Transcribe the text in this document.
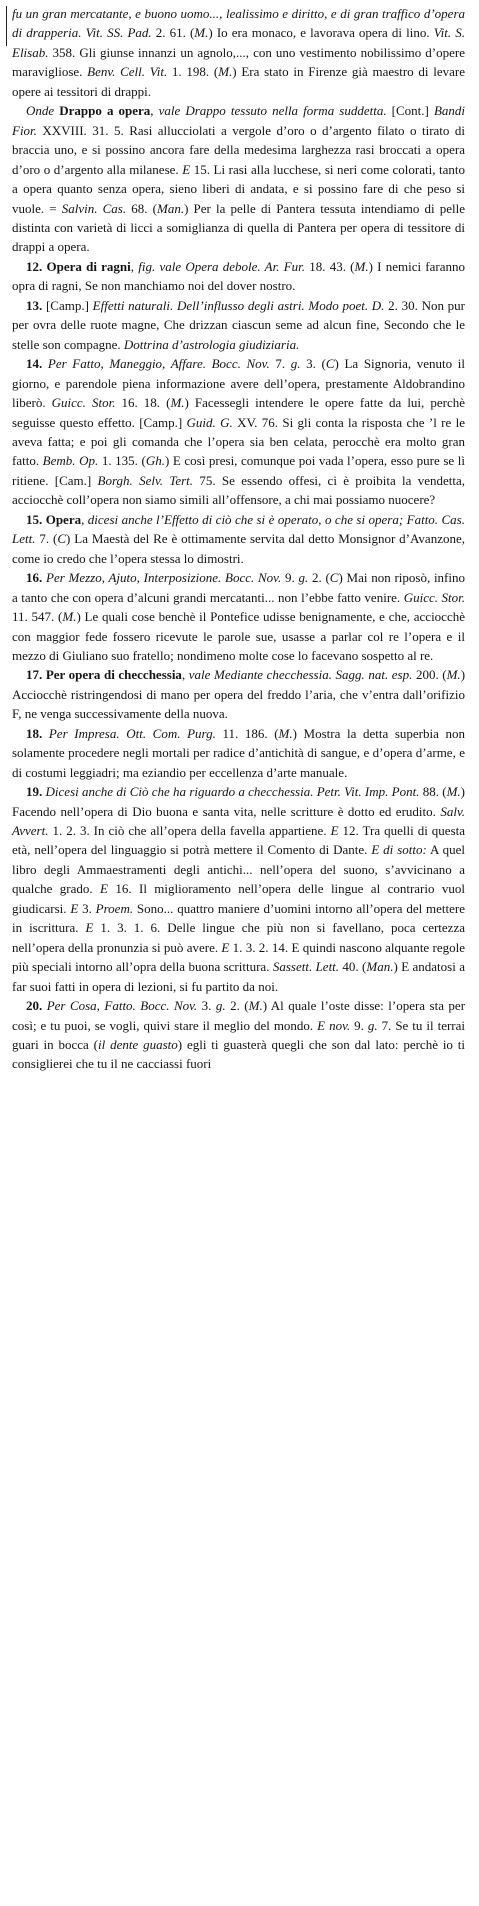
fu un gran mercatante, e buono uomo..., lealissimo e diritto, e di gran traffico d’opera di drapperia. Vit. SS. Pad. 2. 61. (M.) Io era monaco, e lavorava opera di lino. Vit. S. Elisab. 358. Gli giunse innanzi un agnolo,..., con uno vestimento nobilissimo d’opere maravigliose. Benv. Cell. Vit. 1. 198. (M.) Era stato in Firenze già maestro di levare opere ai tessitori di drappi.

Onde Drappo a opera, vale Drappo tessuto nella forma suddetta. [Cont.] Bandi Fior. XXVIII. 31. 5. Rasi allucciolati a vergole d’oro o d’argento filato o tirato di braccia uno, e si possino ancora fare della medesima larghezza rasi broccati a opera d’oro o d’argento alla milanese. E 15. Li rasi alla lucchese, si neri come colorati, tanto a opera quanto senza opera, sieno liberi di andata, e si possino fare di che peso si vuole. = Salvin. Cas. 68. (Man.) Per la pelle di Pantera tessuta intendiamo di pelle distinta con varietà di licci a somiglianza di quella di Pantera per opera di tessitore di drappi a opera.

12. Opera di ragni, fig. vale Opera debole. Ar. Fur. 18. 43. (M.) I nemici faranno opra di ragni, Se non manchiamo noi del dover nostro.

13. [Camp.] Effetti naturali. Dell’influsso degli astri. Modo poet. D. 2. 30. Non pur per ovra delle ruote magne, Che drizzan ciascun seme ad alcun fine, Secondo che le stelle son compagne. Dottrina d’astrologia giudiziaria.

14. Per Fatto, Maneggio, Affare. Bocc. Nov. 7. g. 3. (C) La Signoria, venuto il giorno, e parendole piena informazione avere dell’opera, prestamente Aldobrandino liberò. Guicc. Stor. 16. 18. (M.) Facessegli intendere le opere fatte da lui, perchè seguisse questo effetto. [Camp.] Guid. G. XV. 76. Si gli conta la risposta che ’l re le aveva fatta; e poi gli comanda che l’opera sia ben celata, perocchè era molto gran fatto. Bemb. Op. 1. 135. (Gh.) E così presi, comunque poi vada l’opera, esso pure se lì ritiene. [Cam.] Borgh. Selv. Tert. 75. Se essendo offesi, ci è proibita la vendetta, acciocchè coll’opera non siamo simili all’offensore, a chi mai possiamo nuocere?

15. Opera, dicesi anche l’Effetto di ciò che si è operato, o che si opera; Fatto. Cas. Lett. 7. (C) La Maestà del Re è ottimamente servita dal detto Monsignor d’Avanzone, come io credo che l’opera stessa lo dimostri.

16. Per Mezzo, Ajuto, Interposizione. Bocc. Nov. 9. g. 2. (C) Mai non riposò, infino a tanto che con opera d’alcuni grandi mercatanti... non l’ebbe fatto venire. Guicc. Stor. 11. 547. (M.) Le quali cose benchè il Pontefice udisse benignamente, e che, acciocchè con maggior fede fossero ricevute le parole sue, usasse a parlar col re l’opera e il mezzo di Giuliano suo fratello; nondimeno molte cose lo facevano sospetto al re.

17. Per opera di checchessia, vale Mediante checchessia. Sagg. nat. esp. 200. (M.) Acciocchè ristringendosi di mano per opera del freddo l’aria, che v’entra dall’orifizio F, ne venga successivamente della nuova.

18. Per Impresa. Ott. Com. Purg. 11. 186. (M.) Mostra la detta superbia non solamente procedere negli mortali per radice d’antichità di sangue, e d’opera d’arme, e di costumi leggiadri; ma eziandio per eccellenza d’arte manuale.

19. Dicesi anche di Ciò che ha riguardo a checchessia. Petr. Vit. Imp. Pont. 88. (M.) Facendo nell’opera di Dio buona e santa vita, nelle scritture è dotto ed erudito. Salv. Avvert. 1. 2. 3. In ciò che all’opera della favella appartiene. E 12. Tra quelli di questa età, nell’opera del linguaggio si potrà mettere il Comento di Dante. E di sotto: A quel libro degli Ammaestramenti degli antichi... nell’opera del suono, s’avvicinano a qualche grado. E 16. Il miglioramento nell’opera delle lingue al contrario vuol giudicarsi. E 3. Proem. Sono... quattro maniere d’uomini intorno all’opera del mettere in iscrittura. E 1. 3. 1. 6. Delle lingue che più non si favellano, poca certezza nell’opera della pronunzia si può avere. E 1. 3. 2. 14. E quindi nascono alquante regole più speciali intorno all’opra della buona scrittura. Sassett. Lett. 40. (Man.) E andatosi a far suoi fatti in opera di lezioni, si fu partito da noi.

20. Per Cosa, Fatto. Bocc. Nov. 3. g. 2. (M.) Al quale l’oste disse: l’opera sta per così; e tu puoi, se vogli, quivi stare il meglio del mondo. E nov. 9. g. 7. Se tu il terrai guari in bocca (il dente guasto) egli ti guasterà quegli che son dal lato: perchè io ti consiglierei che tu il ne cacciassi fuori
